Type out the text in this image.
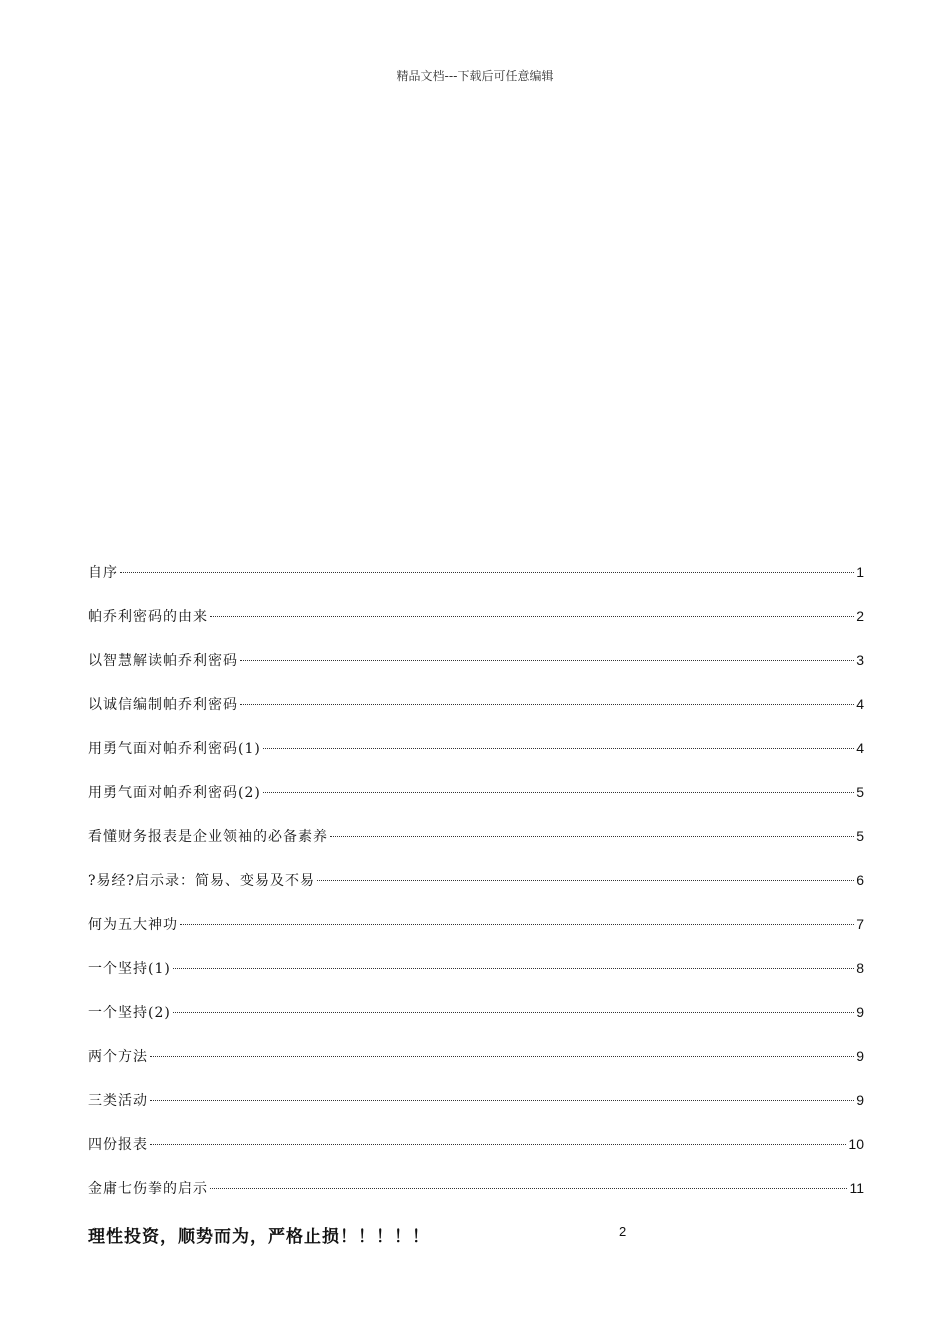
精品文档---下载后可任意编辑
自序	1
帕乔利密码的由来	2
以智慧解读帕乔利密码	3
以诚信编制帕乔利密码	4
用勇气面对帕乔利密码(1)	4
用勇气面对帕乔利密码(2)	5
看懂财务报表是企业领袖的必备素养	5
?易经?启示录：简易、变易及不易	6
何为五大神功	7
一个坚持(1)	8
一个坚持(2)	9
两个方法	9
三类活动	9
四份报表	10
金庸七伤拳的启示	11
理性投资，顺势而为，严格止损！！！！！	2
